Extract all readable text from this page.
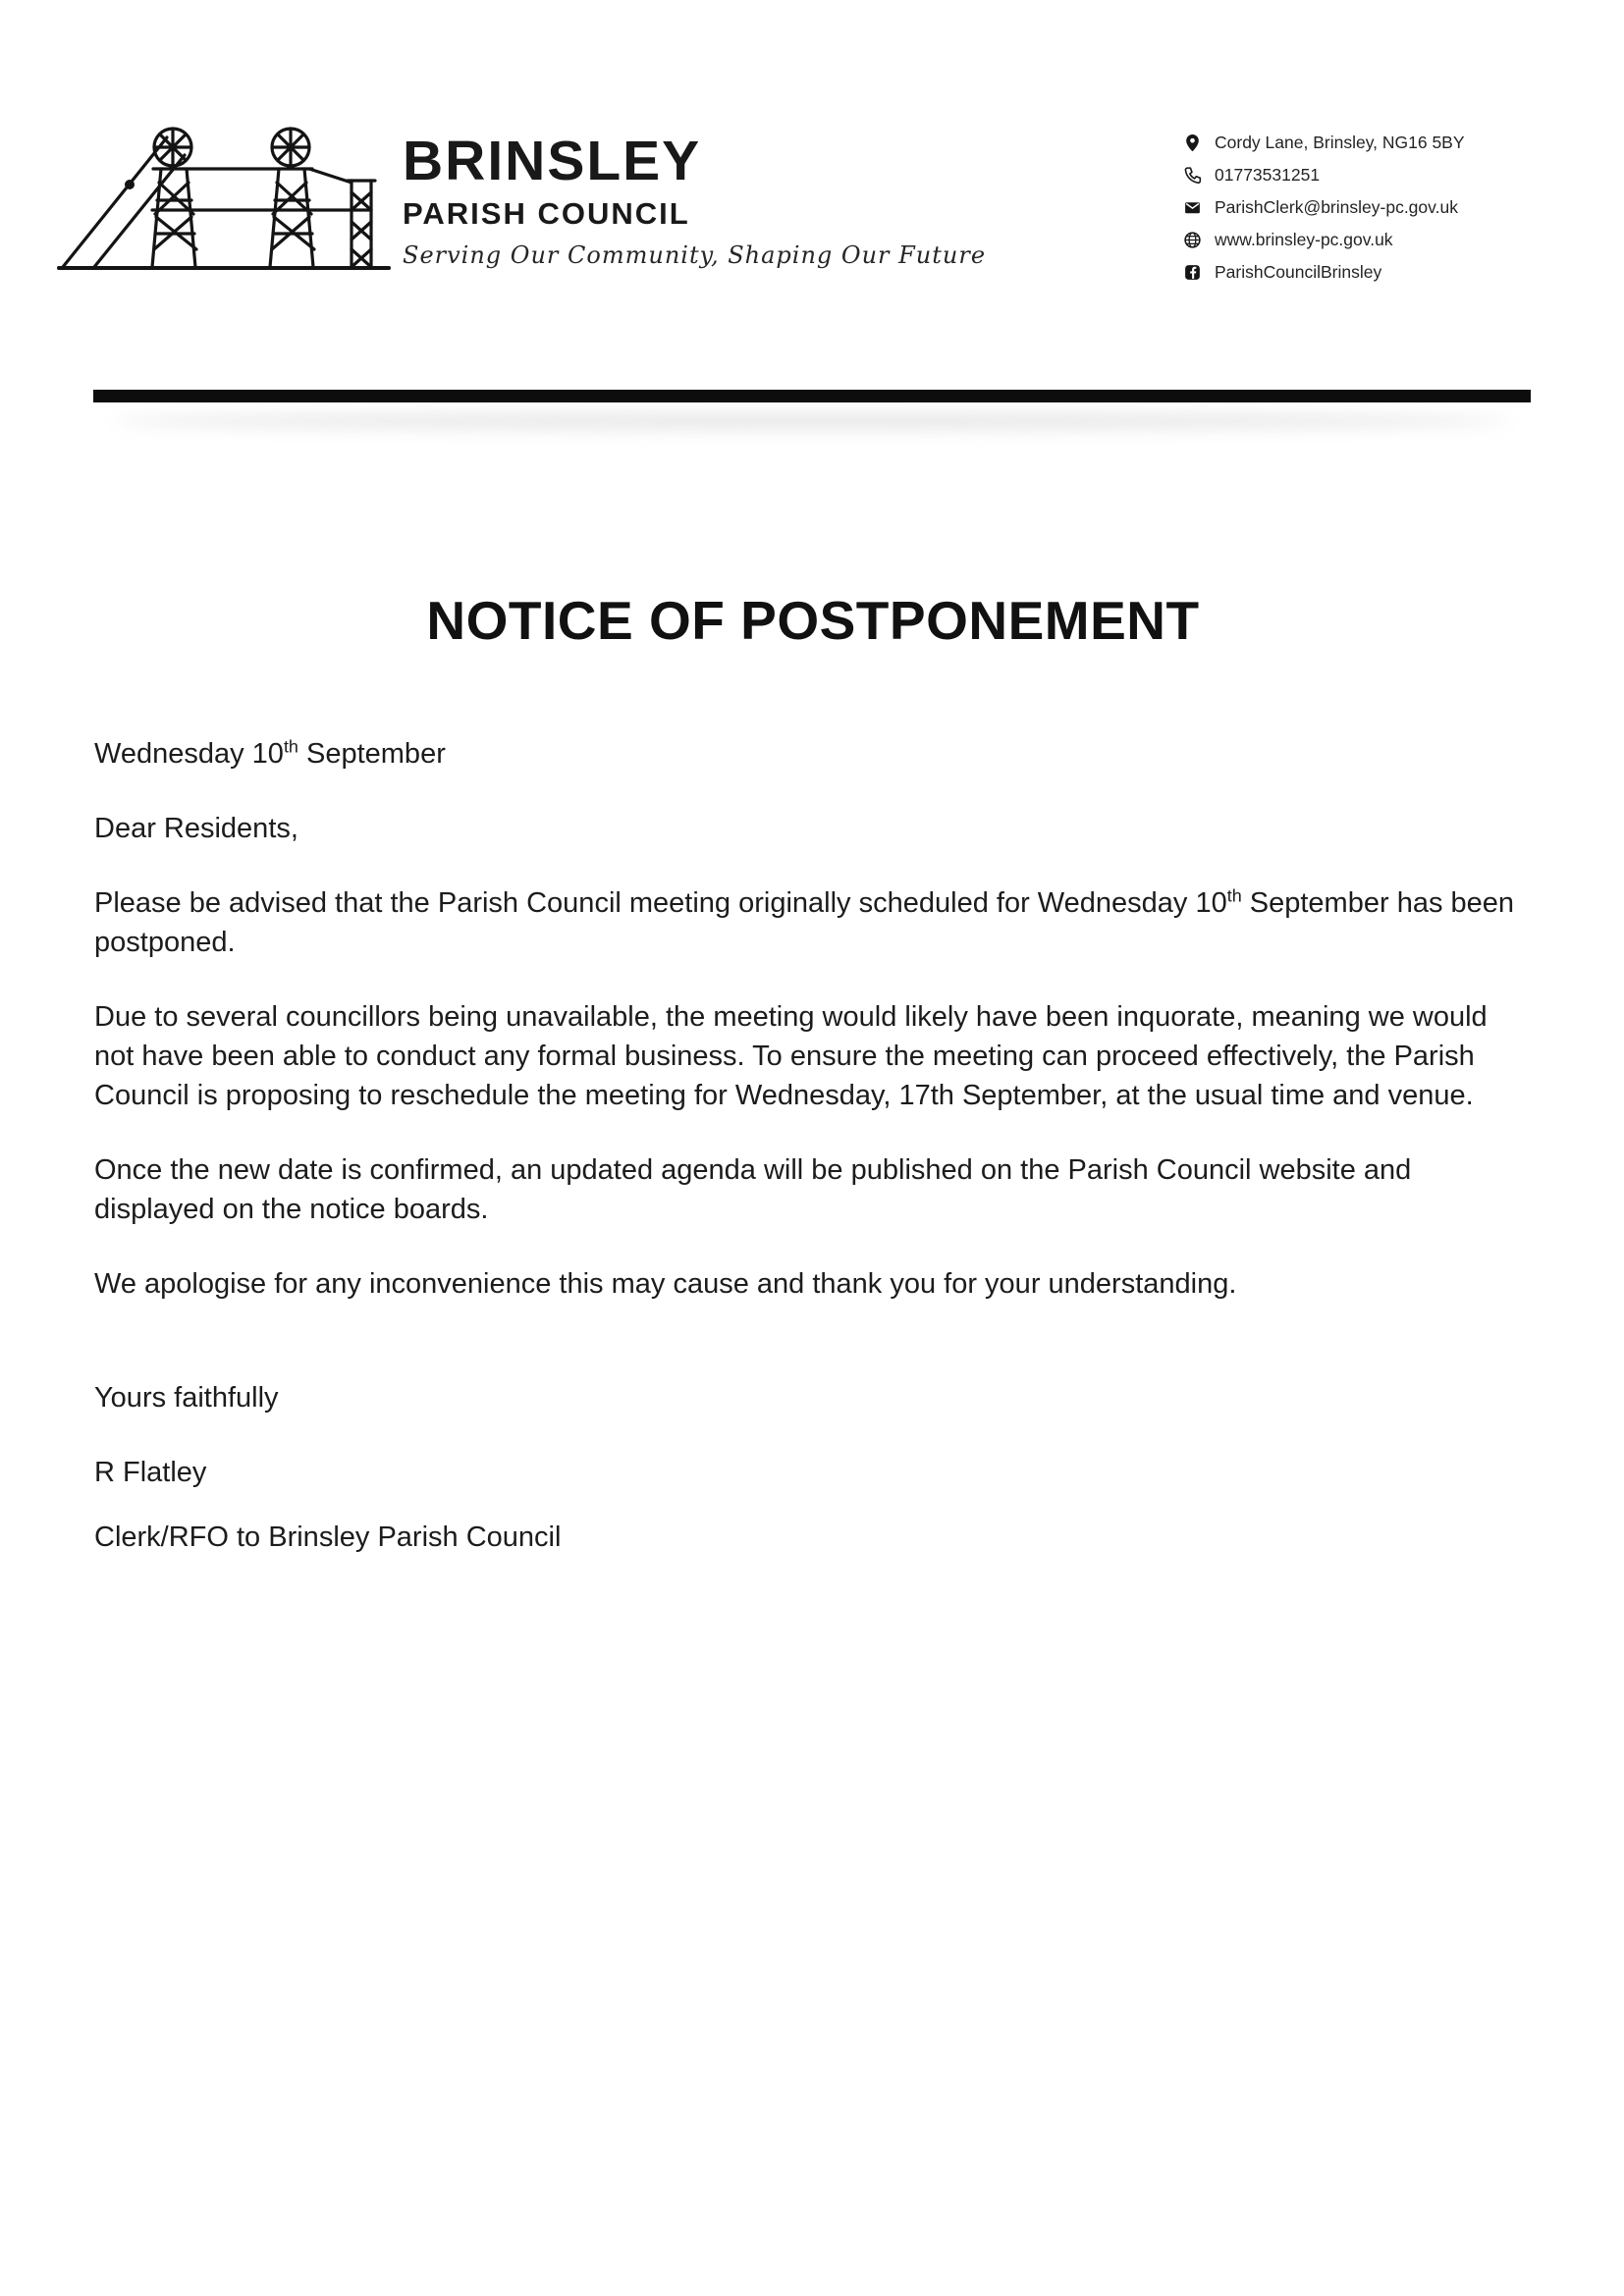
BRINSLEY
PARISH COUNCIL
Serving Our Community, Shaping Our Future
Cordy Lane, Brinsley, NG16 5BY
01773531251
ParishClerk@brinsley-pc.gov.uk
www.brinsley-pc.gov.uk
ParishCouncilBrinsley
NOTICE OF POSTPONEMENT

Wednesday 10th September

Dear Residents,

Please be advised that the Parish Council meeting originally scheduled for Wednesday 10th September has been postponed.

Due to several councillors being unavailable, the meeting would likely have been inquorate, meaning we would not have been able to conduct any formal business. To ensure the meeting can proceed effectively, the Parish Council is proposing to reschedule the meeting for Wednesday, 17th September, at the usual time and venue.

Once the new date is confirmed, an updated agenda will be published on the Parish Council website and displayed on the notice boards.

We apologise for any inconvenience this may cause and thank you for your understanding.

Yours faithfully

R Flatley

Clerk/RFO to Brinsley Parish Council
